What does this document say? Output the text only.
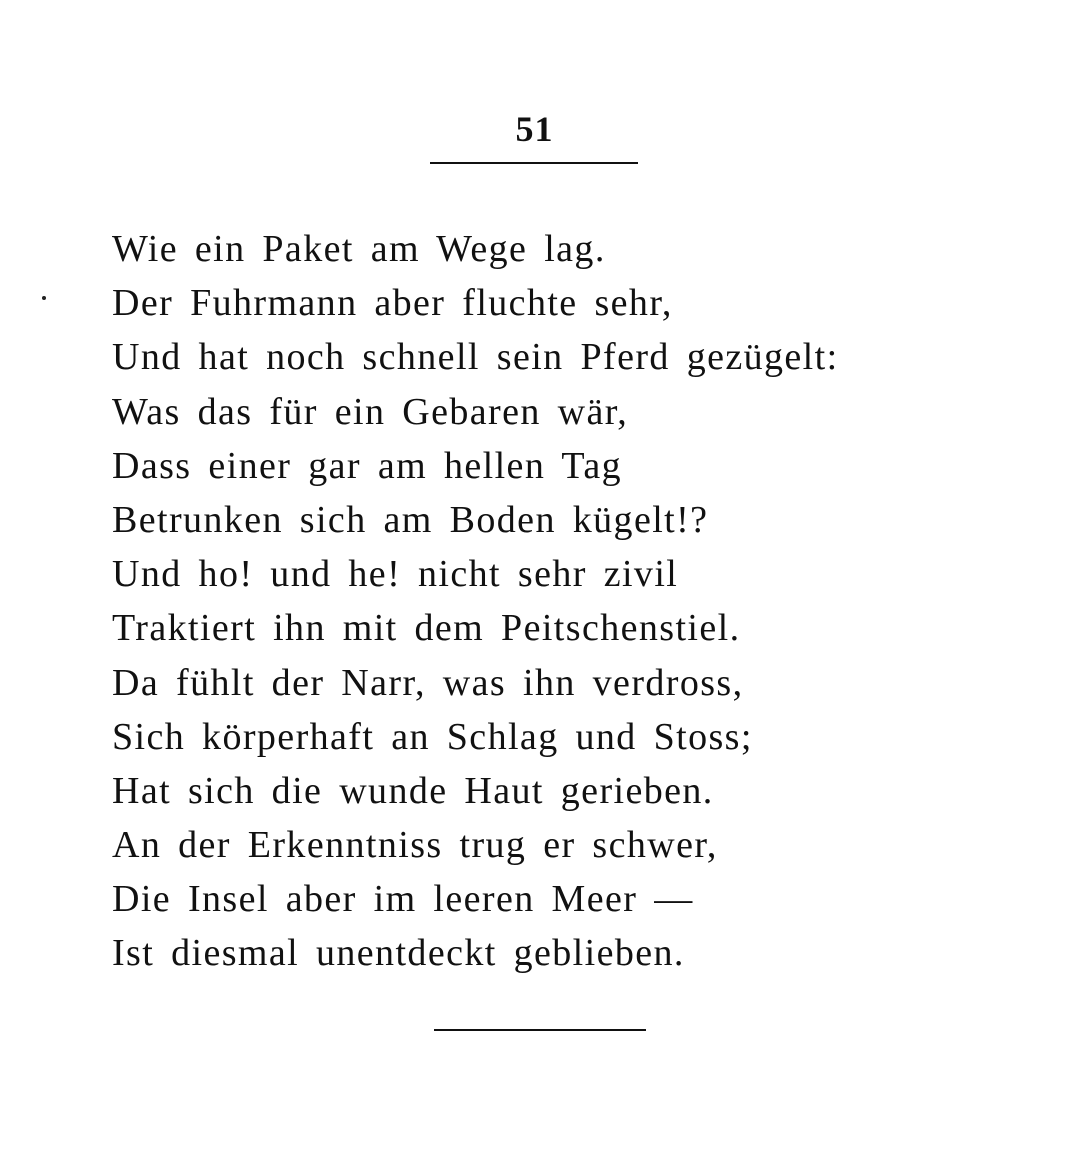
51
Wie ein Paket am Wege lag.
Der Fuhrmann aber fluchte sehr,
Und hat noch schnell sein Pferd gezügelt:
Was das für ein Gebaren wär,
Dass einer gar am hellen Tag
Betrunken sich am Boden kügelt!?
Und ho! und he! nicht sehr zivil
Traktiert ihn mit dem Peitschenstiel.
Da fühlt der Narr, was ihn verdross,
Sich körperhaft an Schlag und Stoss;
Hat sich die wunde Haut gerieben.
An der Erkenntniss trug er schwer,
Die Insel aber im leeren Meer —
Ist diesmal unentdeckt geblieben.
